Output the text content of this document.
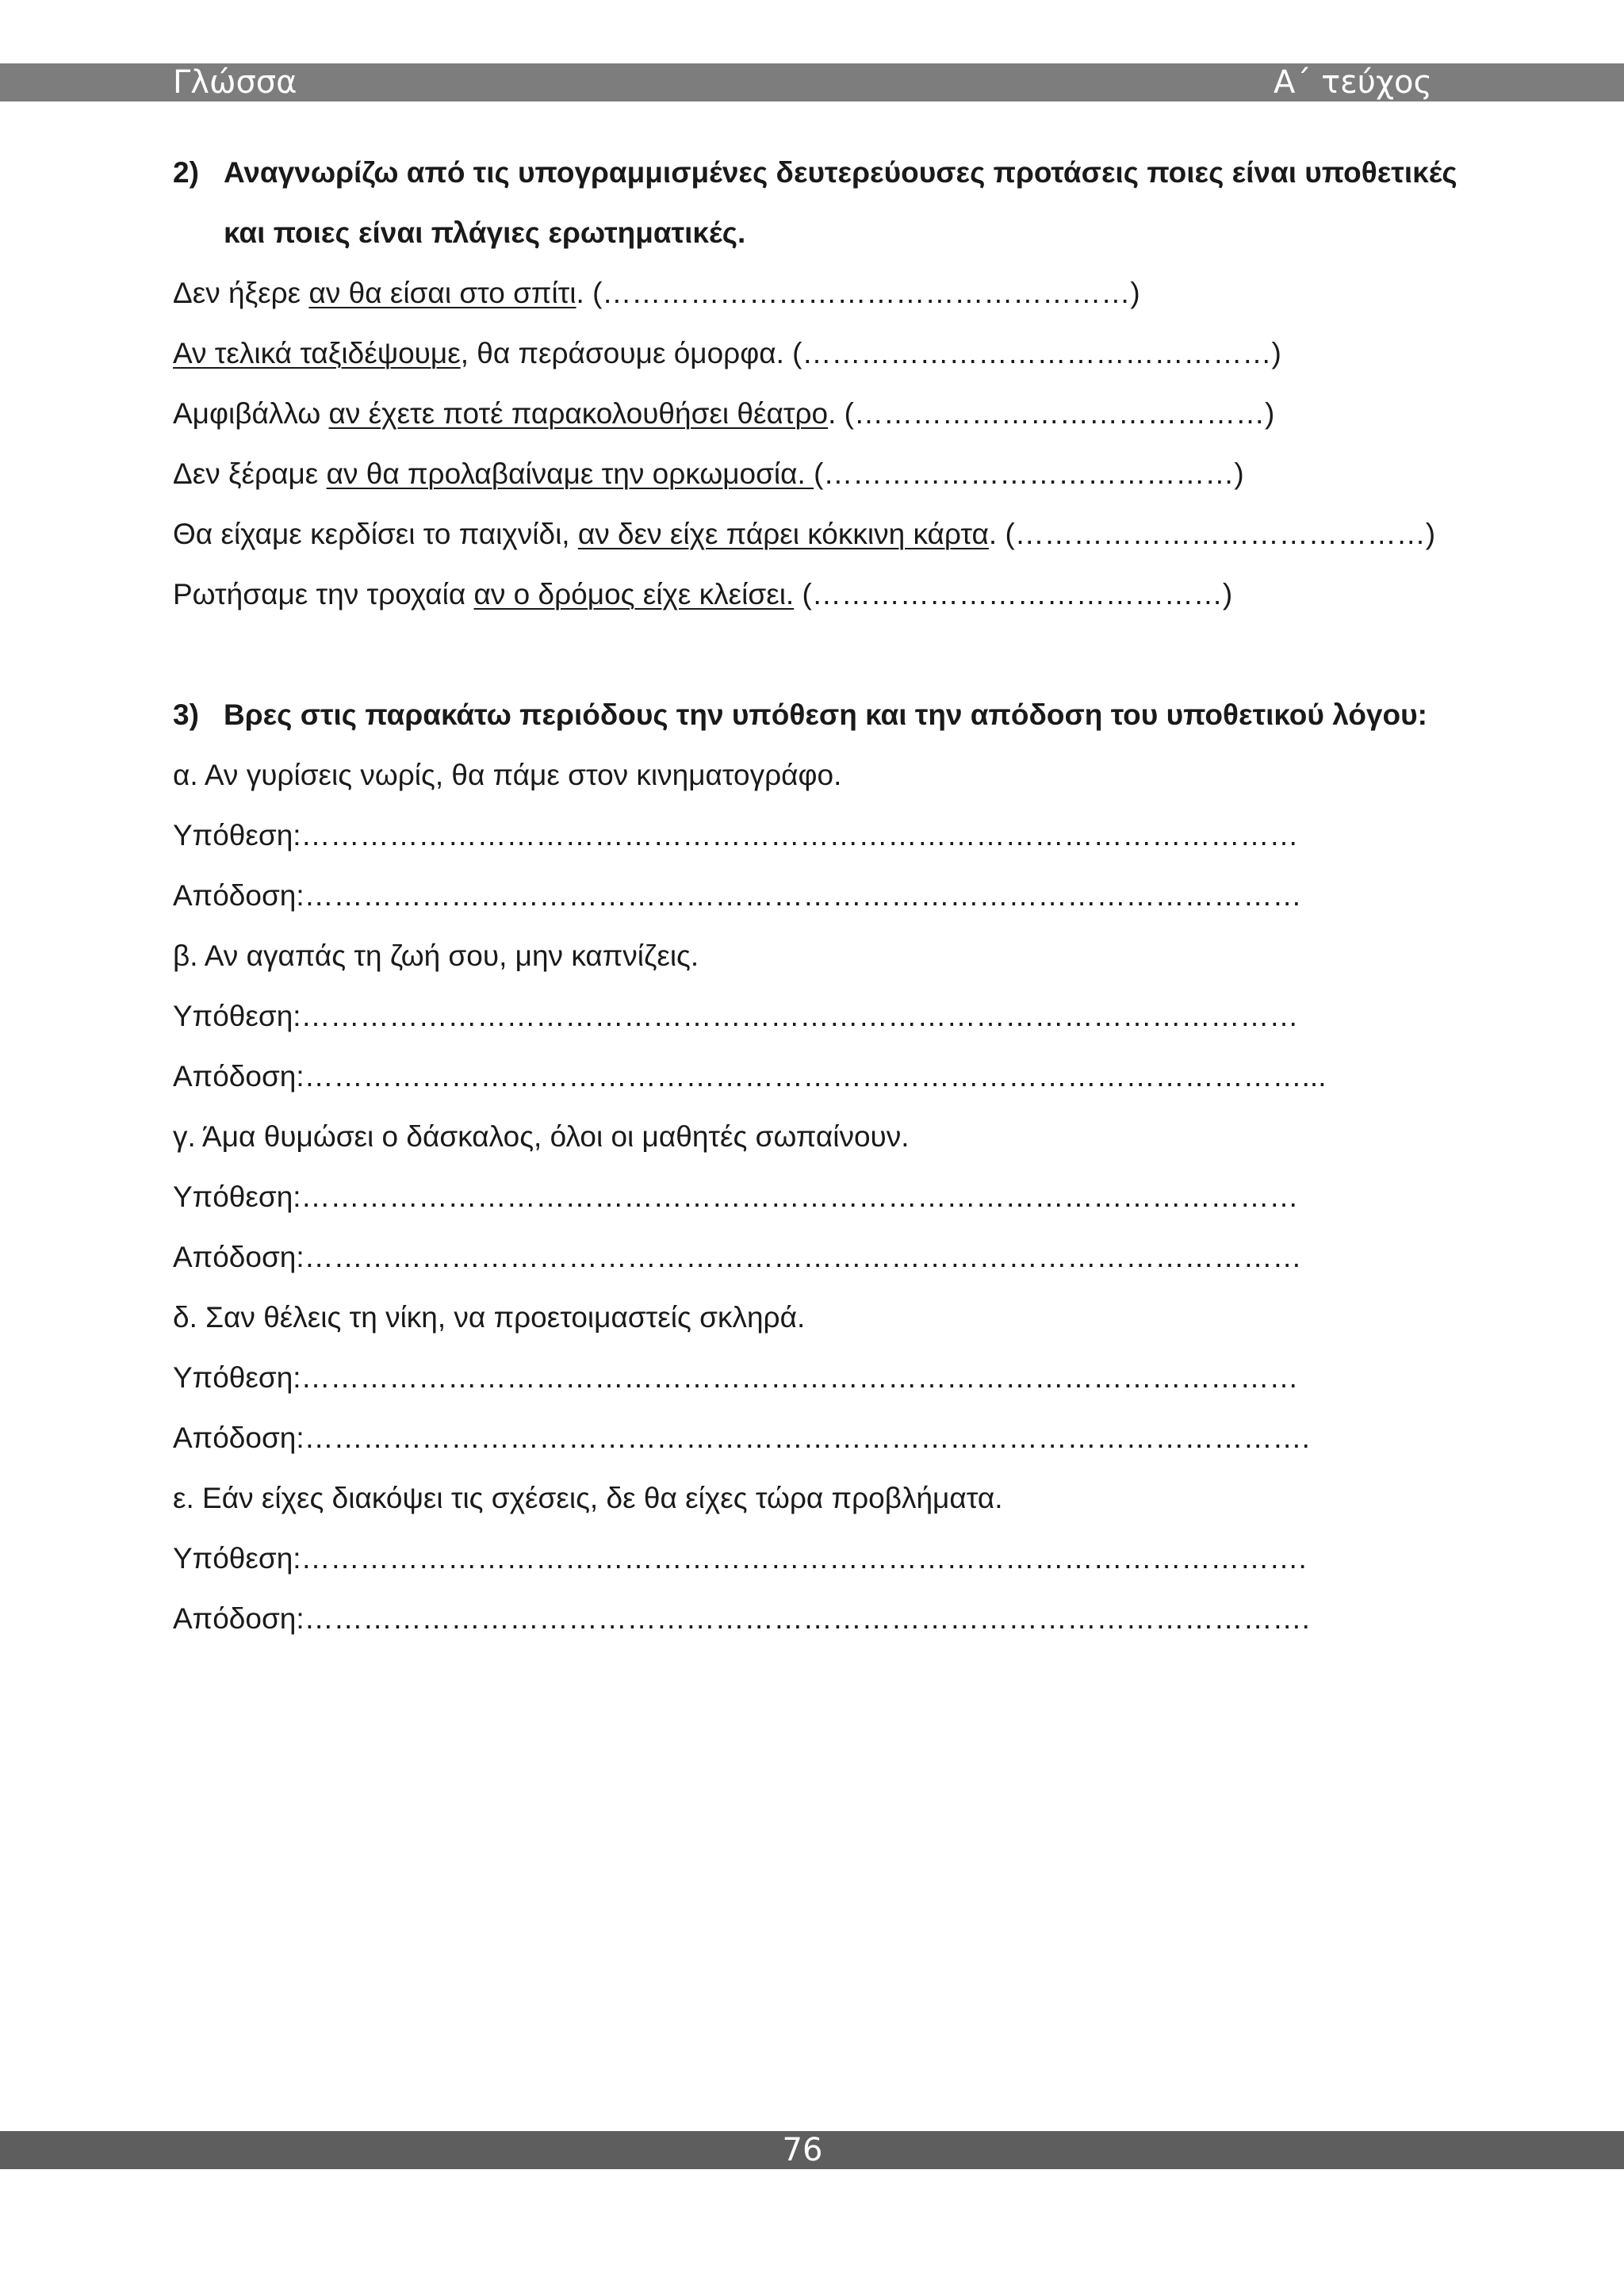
Γλώσσα	Α΄ τεύχος
2) Αναγνωρίζω από τις υπογραμμισμένες δευτερεύουσες προτάσεις ποιες είναι υποθετικές
και ποιες είναι πλάγιες ερωτηματικές.
Δεν ήξερε αν θα είσαι στο σπίτι. (………………………………………………)
Αν τελικά ταξιδέψουμε, θα περάσουμε όμορφα. (…………………………………………)
Αμφιβάλλω αν έχετε ποτέ παρακολουθήσει θέατρο. (……………………………………)
Δεν ξέραμε αν θα προλαβαίναμε την ορκωμοσία. (……………………………………)
Θα είχαμε κερδίσει το παιχνίδι, αν δεν είχε πάρει κόκκινη κάρτα. (……………………………………)
Ρωτήσαμε την τροχαία αν ο δρόμος είχε κλείσει. (……………………………………)
3) Βρες στις παρακάτω περιόδους την υπόθεση και την απόδοση του υποθετικού λόγου:
α. Αν γυρίσεις νωρίς, θα πάμε στον κινηματογράφο.
Υπόθεση:…………………………………………………………………………………………
Απόδοση:…………………………………………………………………………………………
β. Αν αγαπάς τη ζωή σου, μην καπνίζεις.
Υπόθεση:…………………………………………………………………………………………
Απόδοση:…………………………………………………………………………………………...
γ. Άμα θυμώσει ο δάσκαλος, όλοι οι μαθητές σωπαίνουν.
Υπόθεση:…………………………………………………………………………………………
Απόδοση:…………………………………………………………………………………………
δ. Σαν θέλεις τη νίκη, να προετοιμαστείς σκληρά.
Υπόθεση:…………………………………………………………………………………………
Απόδοση:………………………………………………………………………………………….
ε. Εάν είχες διακόψει τις σχέσεις, δε θα είχες τώρα προβλήματα.
Υπόθεση:………………………………………………………………………………………….
Απόδοση:………………………………………………………………………………………….
76
